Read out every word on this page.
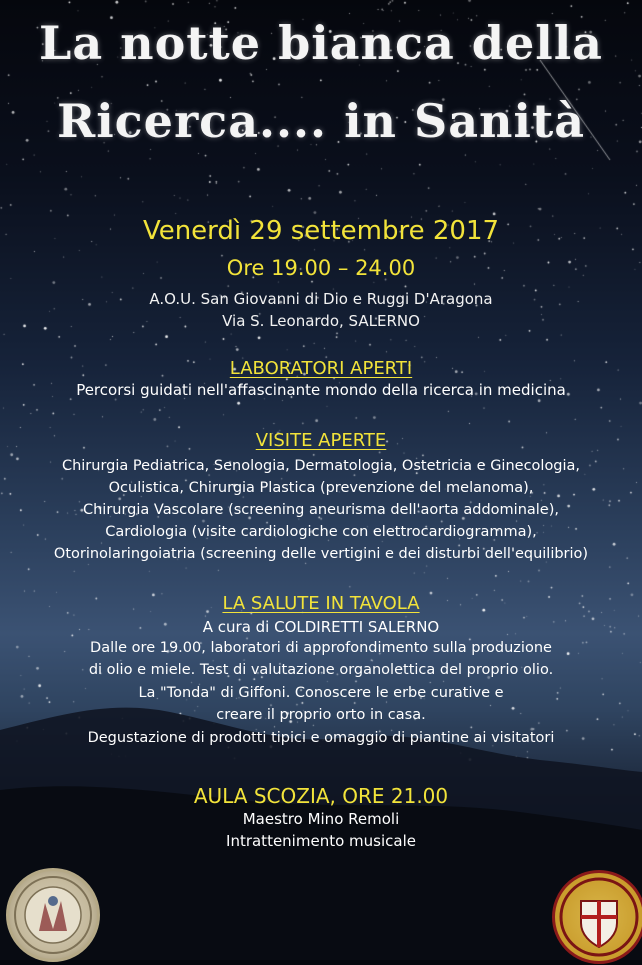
La notte bianca della
Ricerca.... in Sanità
Venerdì 29 settembre 2017
Ore 19.00 – 24.00
A.O.U. San Giovanni di Dio e Ruggi D'Aragona
Via S. Leonardo, SALERNO
LABORATORI APERTI
Percorsi guidati nell'affascinante mondo della ricerca in medicina
VISITE APERTE
Chirurgia Pediatrica, Senologia, Dermatologia, Ostetricia e Ginecologia,
Oculistica, Chirurgia Plastica (prevenzione del melanoma),
Chirurgia Vascolare (screening aneurisma dell'aorta addominale),
Cardiologia (visite cardiologiche con elettrocardiogramma),
Otorinolaringoiatria (screening delle vertigini e dei disturbi dell'equilibrio)
LA SALUTE IN TAVOLA
A cura di COLDIRETTI SALERNO
Dalle ore 19.00, laboratori di approfondimento sulla produzione
di olio e miele. Test di valutazione organolettica del proprio olio.
La "Tonda" di Giffoni. Conoscere le erbe curative e
creare il proprio orto in casa.
Degustazione di prodotti tipici e omaggio di piantine ai visitatori
AULA SCOZIA, ORE 21.00
Maestro Mino Remoli
Intrattenimento musicale
